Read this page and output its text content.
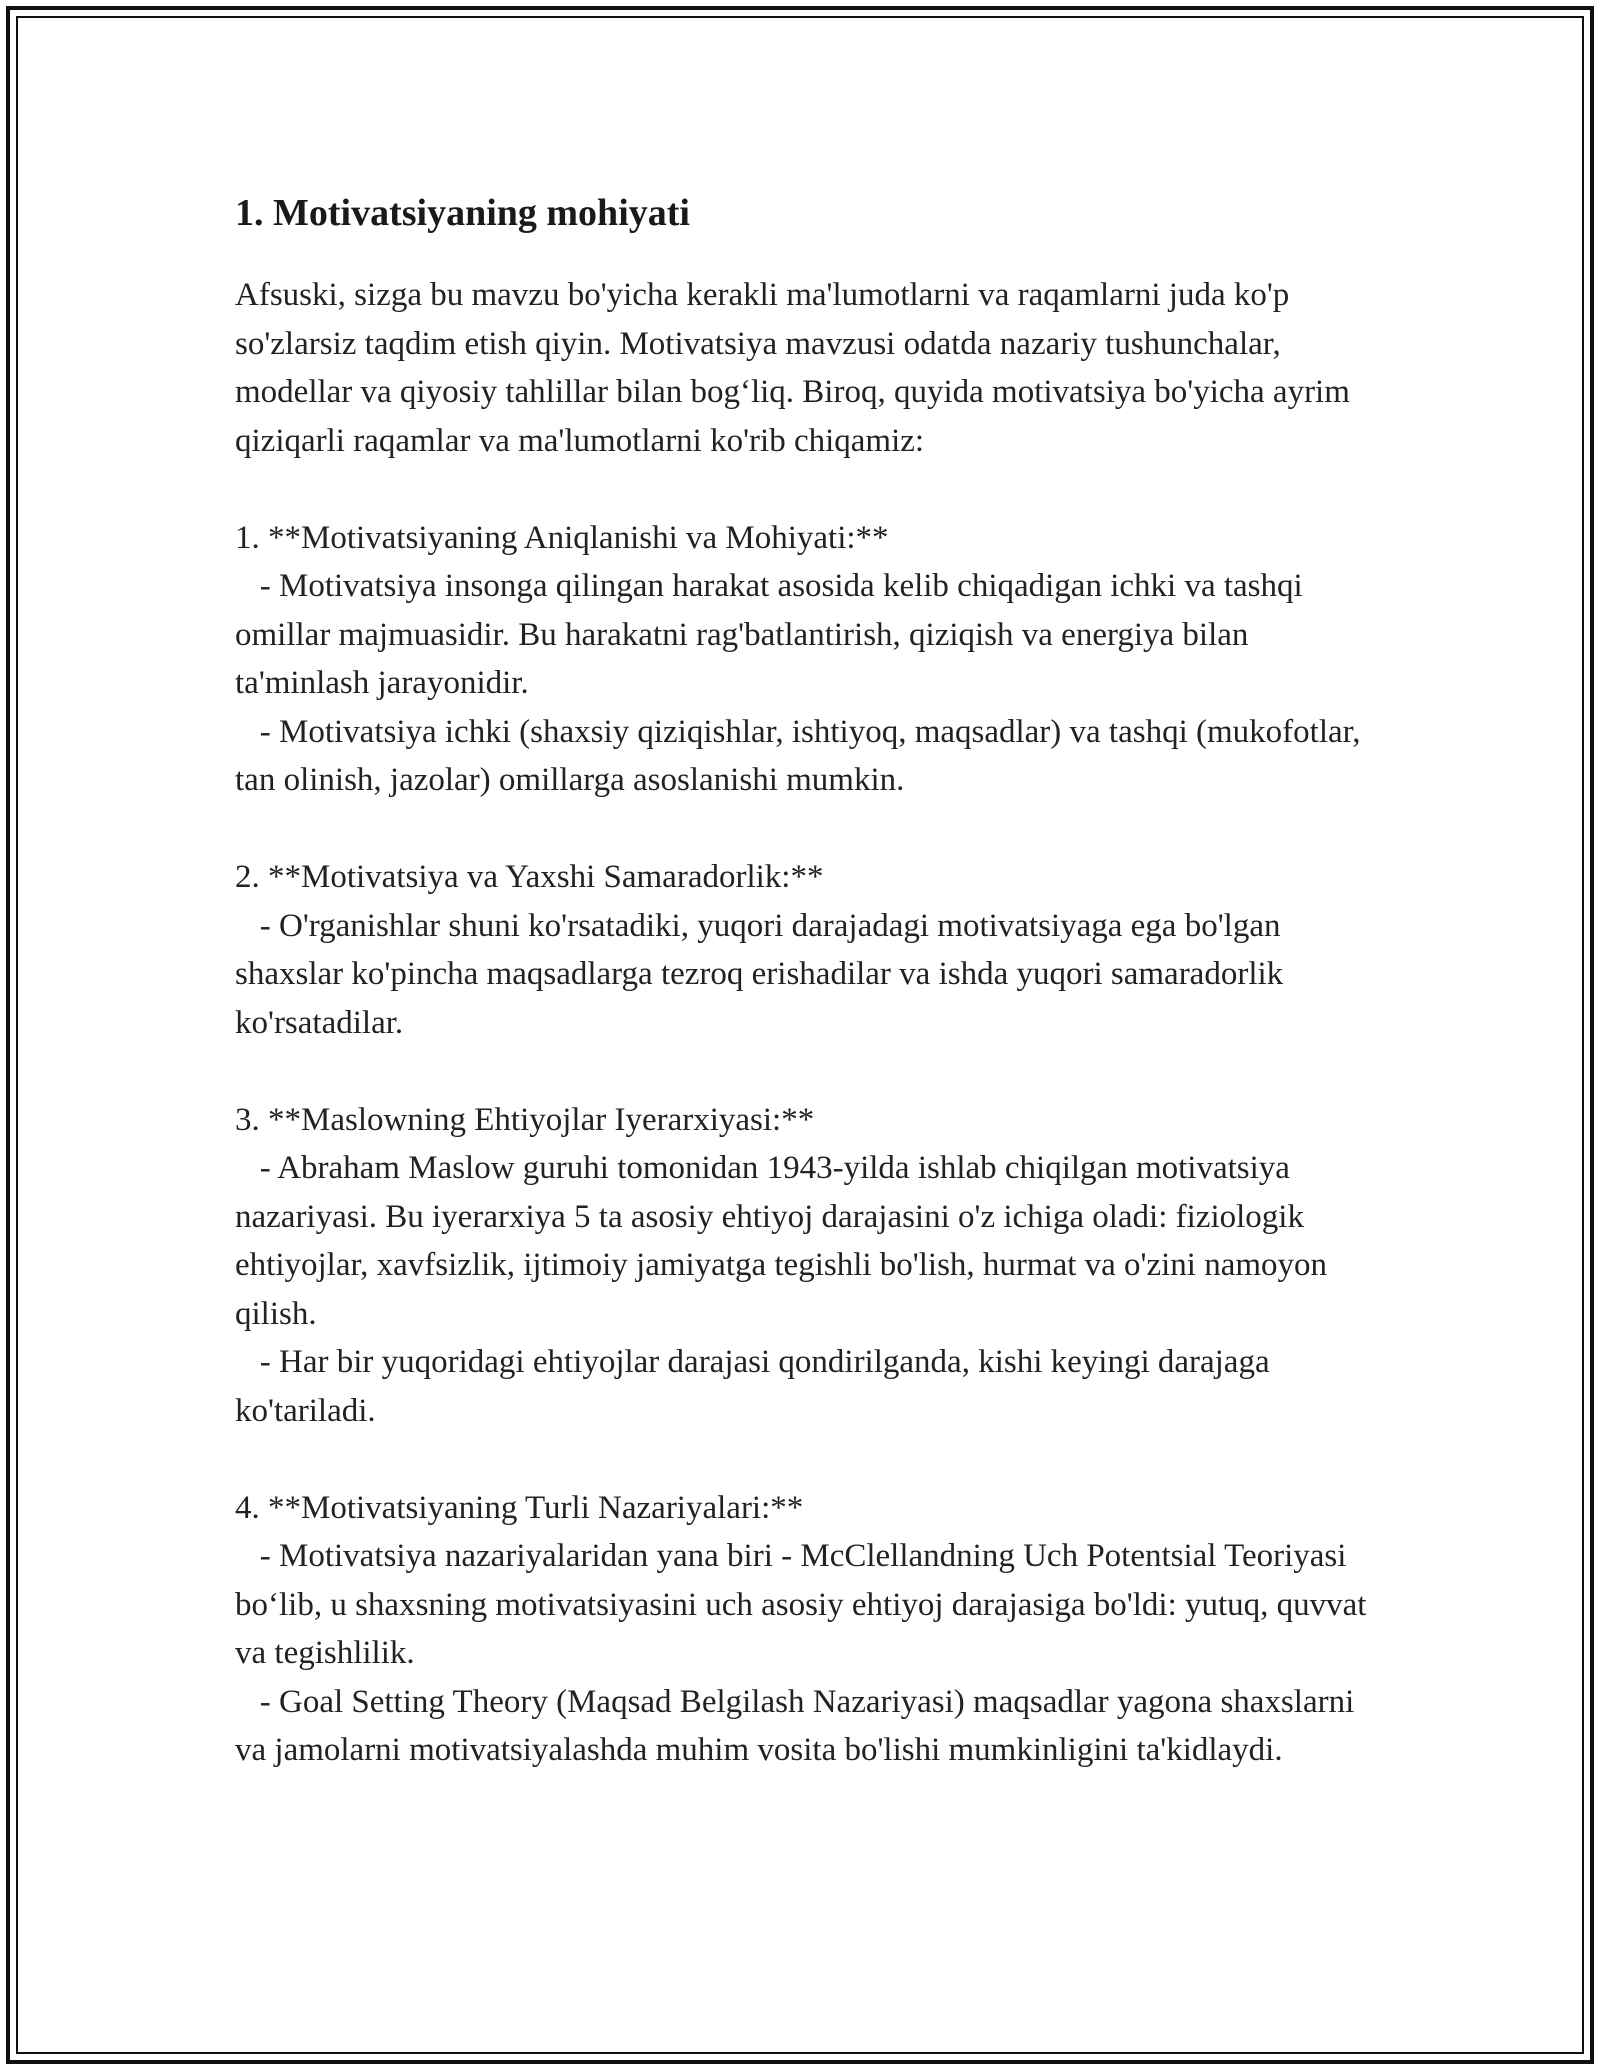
1. Motivatsiyaning mohiyati

Afsuski, sizga bu mavzu bo'yicha kerakli ma'lumotlarni va raqamlarni juda ko'p so'zlarsiz taqdim etish qiyin. Motivatsiya mavzusi odatda nazariy tushunchalar, modellar va qiyosiy tahlillar bilan bog‘liq. Biroq, quyida motivatsiya bo'yicha ayrim qiziqarli raqamlar va ma'lumotlarni ko'rib chiqamiz:

1. **Motivatsiyaning Aniqlanishi va Mohiyati:**

- Motivatsiya insonga qilingan harakat asosida kelib chiqadigan ichki va tashqi omillar majmuasidir. Bu harakatni rag'batlantirish, qiziqish va energiya bilan ta'minlash jarayonidir.

- Motivatsiya ichki (shaxsiy qiziqishlar, ishtiyoq, maqsadlar) va tashqi (mukofotlar, tan olinish, jazolar) omillarga asoslanishi mumkin.

2. **Motivatsiya va Yaxshi Samaradorlik:**

- O'rganishlar shuni ko'rsatadiki, yuqori darajadagi motivatsiyaga ega bo'lgan shaxslar ko'pincha maqsadlarga tezroq erishadilar va ishda yuqori samaradorlik ko'rsatadilar.

3. **Maslowning Ehtiyojlar Iyerarxiyasi:**

- Abraham Maslow guruhi tomonidan 1943-yilda ishlab chiqilgan motivatsiya nazariyasi. Bu iyerarxiya 5 ta asosiy ehtiyoj darajasini o'z ichiga oladi: fiziologik ehtiyojlar, xavfsizlik, ijtimoiy jamiyatga tegishli bo'lish, hurmat va o'zini namoyon qilish.

- Har bir yuqoridagi ehtiyojlar darajasi qondirilganda, kishi keyingi darajaga ko'tariladi.

4. **Motivatsiyaning Turli Nazariyalari:**

- Motivatsiya nazariyalaridan yana biri - McClellandning Uch Potentsial Teoriyasi bo‘lib, u shaxsning motivatsiyasini uch asosiy ehtiyoj darajasiga bo'ldi: yutuq, quvvat va tegishlilik.

- Goal Setting Theory (Maqsad Belgilash Nazariyasi) maqsadlar yagona shaxslarni va jamolarni motivatsiyalashda muhim vosita bo'lishi mumkinligini ta'kidlaydi.
